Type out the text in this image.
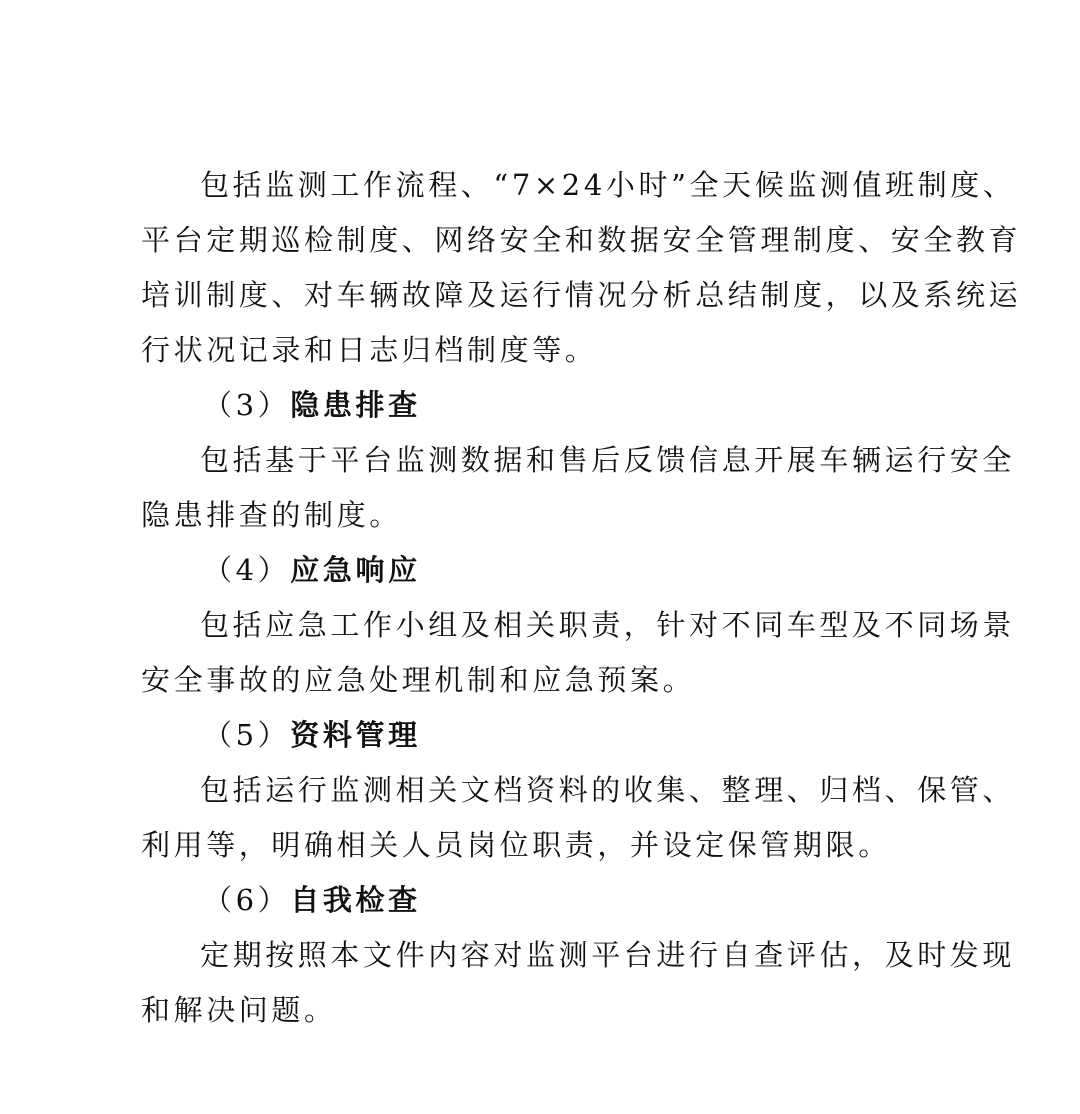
包括监测工作流程、“7×24小时”全天候监测值班制度、
平台定期巡检制度、网络安全和数据安全管理制度、安全教育
培训制度、对车辆故障及运行情况分析总结制度，以及系统运
行状况记录和日志归档制度等。
（3）隐患排查
包括基于平台监测数据和售后反馈信息开展车辆运行安全
隐患排查的制度。
（4）应急响应
包括应急工作小组及相关职责，针对不同车型及不同场景
安全事故的应急处理机制和应急预案。
（5）资料管理
包括运行监测相关文档资料的收集、整理、归档、保管、
利用等，明确相关人员岗位职责，并设定保管期限。
（6）自我检查
定期按照本文件内容对监测平台进行自查评估，及时发现
和解决问题。
